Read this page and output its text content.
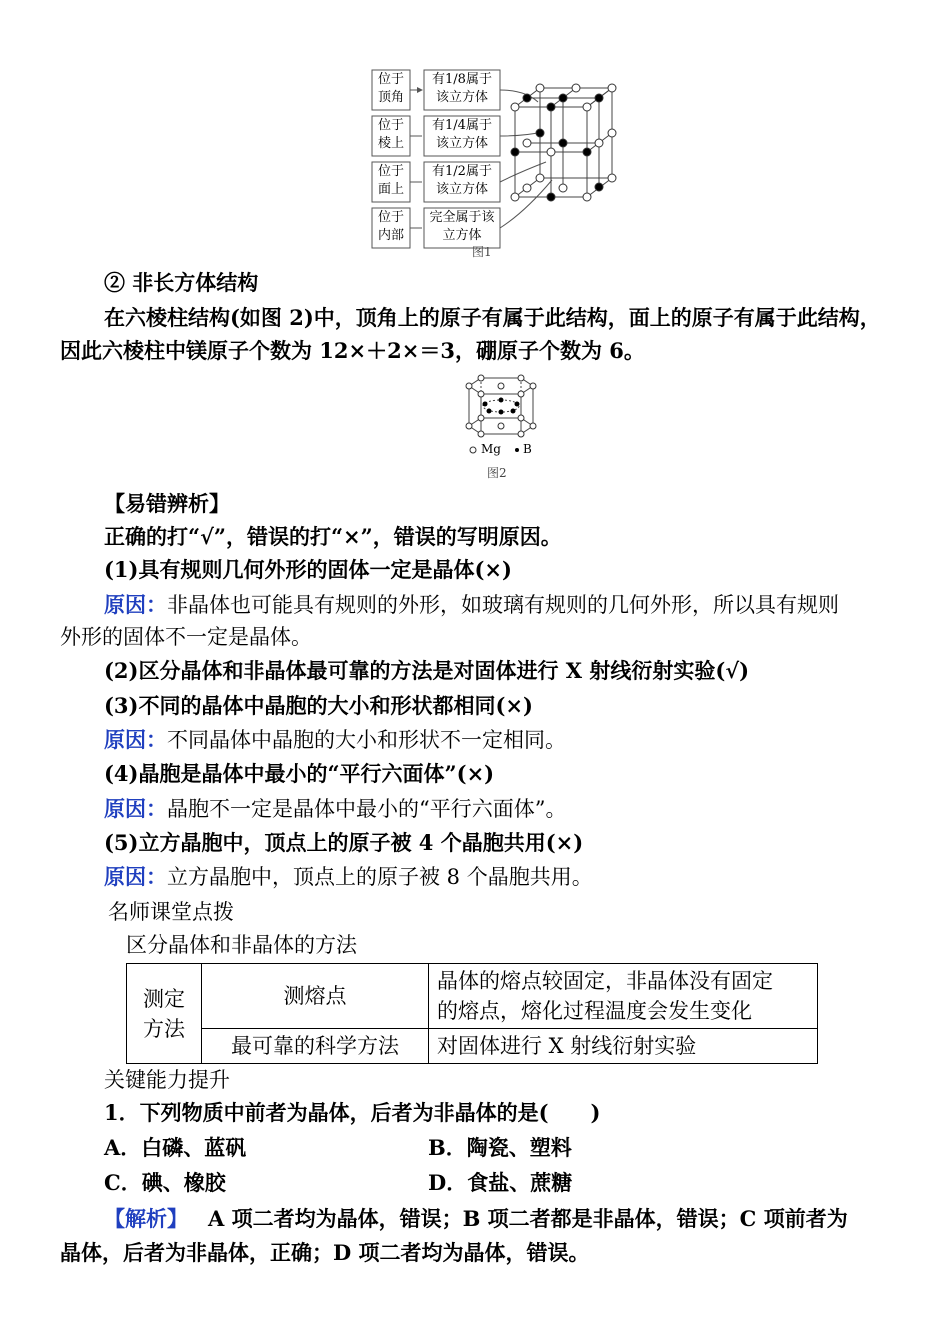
位于顶角
有1/8属于该立方体
位于棱上
有1/4属于该立方体
位于面上
有1/2属于该立方体
位于内部
完全属于该立方体
图1
② 非长方体结构
在六棱柱结构(如图 2)中，顶角上的原子有属于此结构，面上的原子有属于此结构，
因此六棱柱中镁原子个数为 12×＋2×＝3，硼原子个数为 6。
Mg B
图2
【易错辨析】
正确的打“√”，错误的打“×”，错误的写明原因。
(1)具有规则几何外形的固体一定是晶体(×)
原因：非晶体也可能具有规则的外形，如玻璃有规则的几何外形，所以具有规则
外形的固体不一定是晶体。
(2)区分晶体和非晶体最可靠的方法是对固体进行 X 射线衍射实验(√)
(3)不同的晶体中晶胞的大小和形状都相同(×)
原因：不同晶体中晶胞的大小和形状不一定相同。
(4)晶胞是晶体中最小的“平行六面体”(×)
原因：晶胞不一定是晶体中最小的“平行六面体”。
(5)立方晶胞中，顶点上的原子被 4 个晶胞共用(×)
原因：立方晶胞中，顶点上的原子被 8 个晶胞共用。
名师课堂点拨
区分晶体和非晶体的方法
测定方法	测熔点	晶体的熔点较固定，非晶体没有固定
的熔点，熔化过程温度会发生变化

	最可靠的科学方法	对固体进行 X 射线衍射实验
关键能力提升
1．下列物质中前者为晶体，后者为非晶体的是(　　)
A．白磷、蓝矾	B．陶瓷、塑料
C．碘、橡胶	D．食盐、蔗糖
【解析】 A 项二者均为晶体，错误；B 项二者都是非晶体，错误；C 项前者为
晶体，后者为非晶体，正确；D 项二者均为晶体，错误。
